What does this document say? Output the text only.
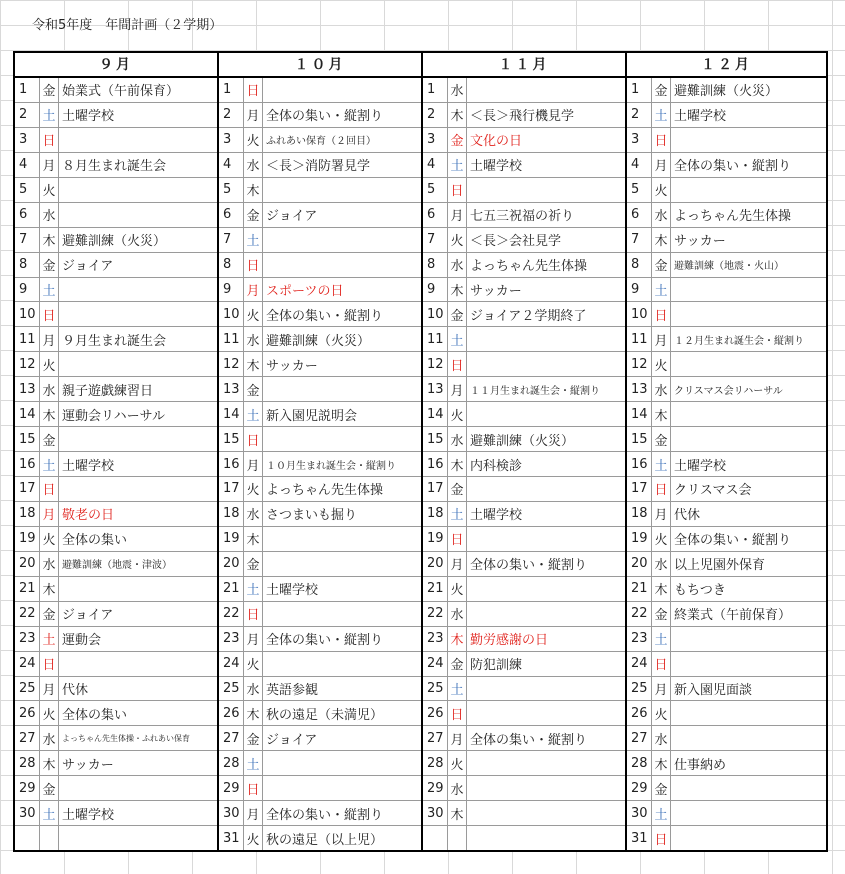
令和5年度　年間計画（２学期）
９月
1	金 始業式（午前保育）
2	土 土曜学校
3	日
4	月 ８月生まれ誕生会
5	火
6	水
7	木 避難訓練（火災）
8	金 ジョイア
9	土
10 日
11 月 ９月生まれ誕生会
12 火
13 水 親子遊戯練習日
14 木 運動会リハーサル
15 金
16 土 土曜学校
17 日
18 月 敬老の日
19 火 全体の集い
20 水 避難訓練（地震・津波）
21 木
22 金 ジョイア
23 土 運動会
24 日
25 月 代休
26 火 全体の集い
27 水 よっちゃん先生体操・ふれあい保育
28 木 サッカー
29 金
30 土 土曜学校
１０月
1	日
2	月 全体の集い・縦割り
3	火 ふれあい保育（２回目）
4	水 ＜長＞消防署見学
5	木
6	金 ジョイア
7	土
8	日
9	月 スポーツの日
10 火 全体の集い・縦割り
11 水 避難訓練（火災）
12 木 サッカー
13 金
14 土 新入園児説明会
15 日
16 月 １０月生まれ誕生会・縦割り
17 火 よっちゃん先生体操
18 水 さつまいも掘り
19 木
20 金
21 土 土曜学校
22 日
23 月 全体の集い・縦割り
24 火
25 水 英語参観
26 木 秋の遠足（未満児）
27 金 ジョイア
28 土
29 日
30 月 全体の集い・縦割り
31 火 秋の遠足（以上児）
１１月
1	水
2	木 ＜長＞飛行機見学
3	金 文化の日
4	土 土曜学校
5	日
6	月 七五三祝福の祈り
7	火 ＜長＞会社見学
8	水 よっちゃん先生体操
9	木 サッカー
10 金 ジョイア２学期終了
11 土
12 日
13 月 １１月生まれ誕生会・縦割り
14 火
15 水 避難訓練（火災）
16 木 内科検診
17 金
18 土 土曜学校
19 日
20 月 全体の集い・縦割り
21 火
22 水
23 木 勤労感謝の日
24 金 防犯訓練
25 土
26 日
27 月 全体の集い・縦割り
28 火
29 水
30 木
１２月
1	金 避難訓練（火災）
2	土 土曜学校
3	日
4	月 全体の集い・縦割り
5	火
6	水 よっちゃん先生体操
7	木 サッカー
8	金 避難訓練（地震・火山）
9	土
10 日
11 月 １２月生まれ誕生会・縦割り
12 火
13 水 クリスマス会リハーサル
14 木
15 金
16 土 土曜学校
17 日 クリスマス会
18 月 代休
19 火 全体の集い・縦割り
20 水 以上児園外保育
21 木 もちつき
22 金 終業式（午前保育）
23 土
24 日
25 月 新入園児面談
26 火
27 水
28 木 仕事納め
29 金
30 土
31 日
